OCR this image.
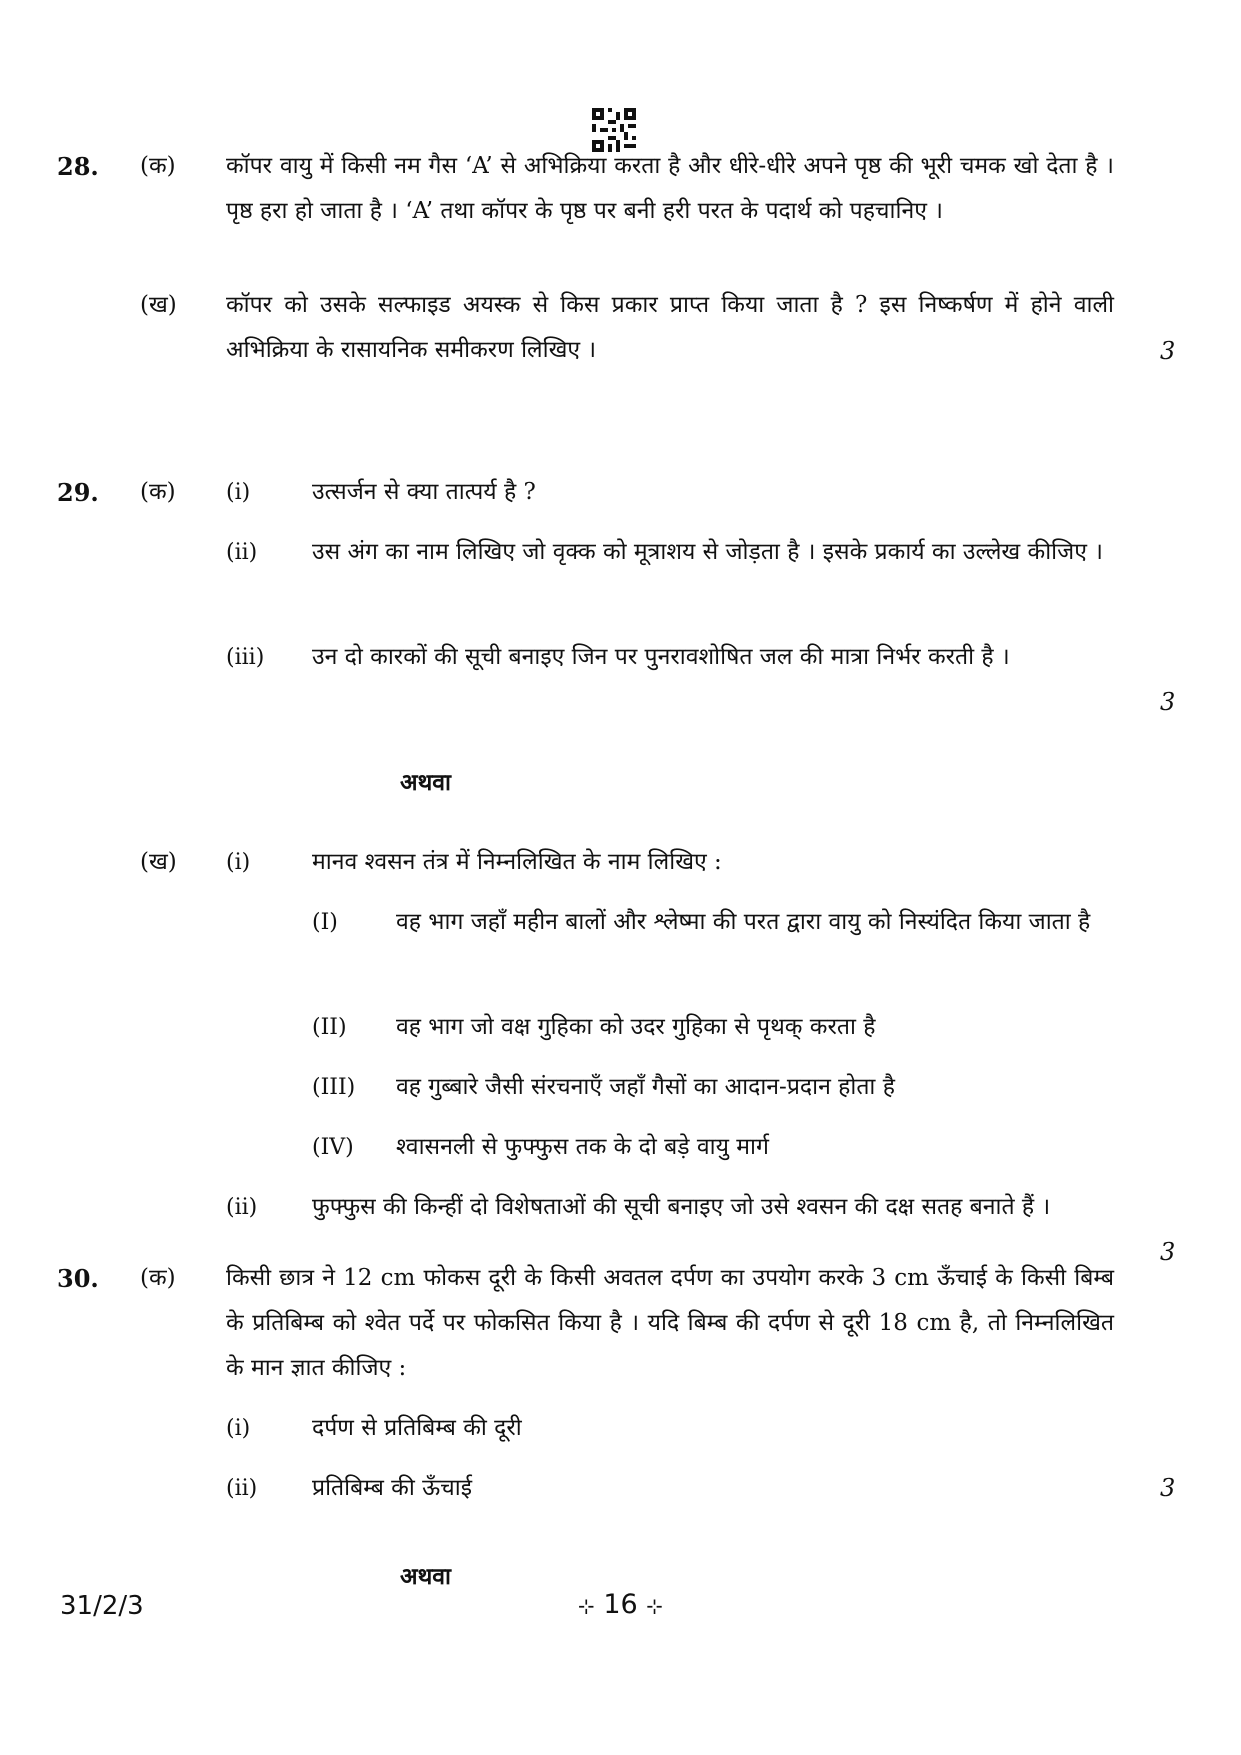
28. (क) कॉपर वायु में किसी नम गैस ‘A’ से अभिक्रिया करता है और धीरे-धीरे अपने पृष्ठ की भूरी चमक खो देता है । पृष्ठ हरा हो जाता है । ‘A’ तथा कॉपर के पृष्ठ पर बनी हरी परत के पदार्थ को पहचानिए ।
(ख) कॉपर को उसके सल्फाइड अयस्क से किस प्रकार प्राप्त किया जाता है ? इस निष्कर्षण में होने वाली अभिक्रिया के रासायनिक समीकरण लिखिए ।	3
29. (क) (i)	उत्सर्जन से क्या तात्पर्य है ?
(ii) उस अंग का नाम लिखिए जो वृक्क को मूत्राशय से जोड़ता है । इसके प्रकार्य का उल्लेख कीजिए ।
(iii) उन दो कारकों की सूची बनाइए जिन पर पुनरावशोषित जल की मात्रा निर्भर करती है ।
3
अथवा
(ख) (i)	मानव श्वसन तंत्र में निम्नलिखित के नाम लिखिए :
(I)	वह भाग जहाँ महीन बालों और श्लेष्मा की परत द्वारा वायु को निस्यंदित किया जाता है
(II) वह भाग जो वक्ष गुहिका को उदर गुहिका से पृथक् करता है
(III) वह गुब्बारे जैसी संरचनाएँ जहाँ गैसों का आदान-प्रदान होता है
(IV) श्वासनली से फुफ्फुस तक के दो बड़े वायु मार्ग
(ii) फुफ्फुस की किन्हीं दो विशेषताओं की सूची बनाइए जो उसे श्वसन की दक्ष सतह बनाते हैं ।
3
30. (क) किसी छात्र ने 12 cm फोकस दूरी के किसी अवतल दर्पण का उपयोग करके 3 cm ऊँचाई के किसी बिम्ब के प्रतिबिम्ब को श्वेत पर्दे पर फोकसित किया है । यदि बिम्ब की दर्पण से दूरी 18 cm है, तो निम्नलिखित के मान ज्ञात कीजिए :
(i)	दर्पण से प्रतिबिम्ब की दूरी
(ii) प्रतिबिम्ब की ऊँचाई	3
अथवा
31/2/3	⊹ 16 ⊹
